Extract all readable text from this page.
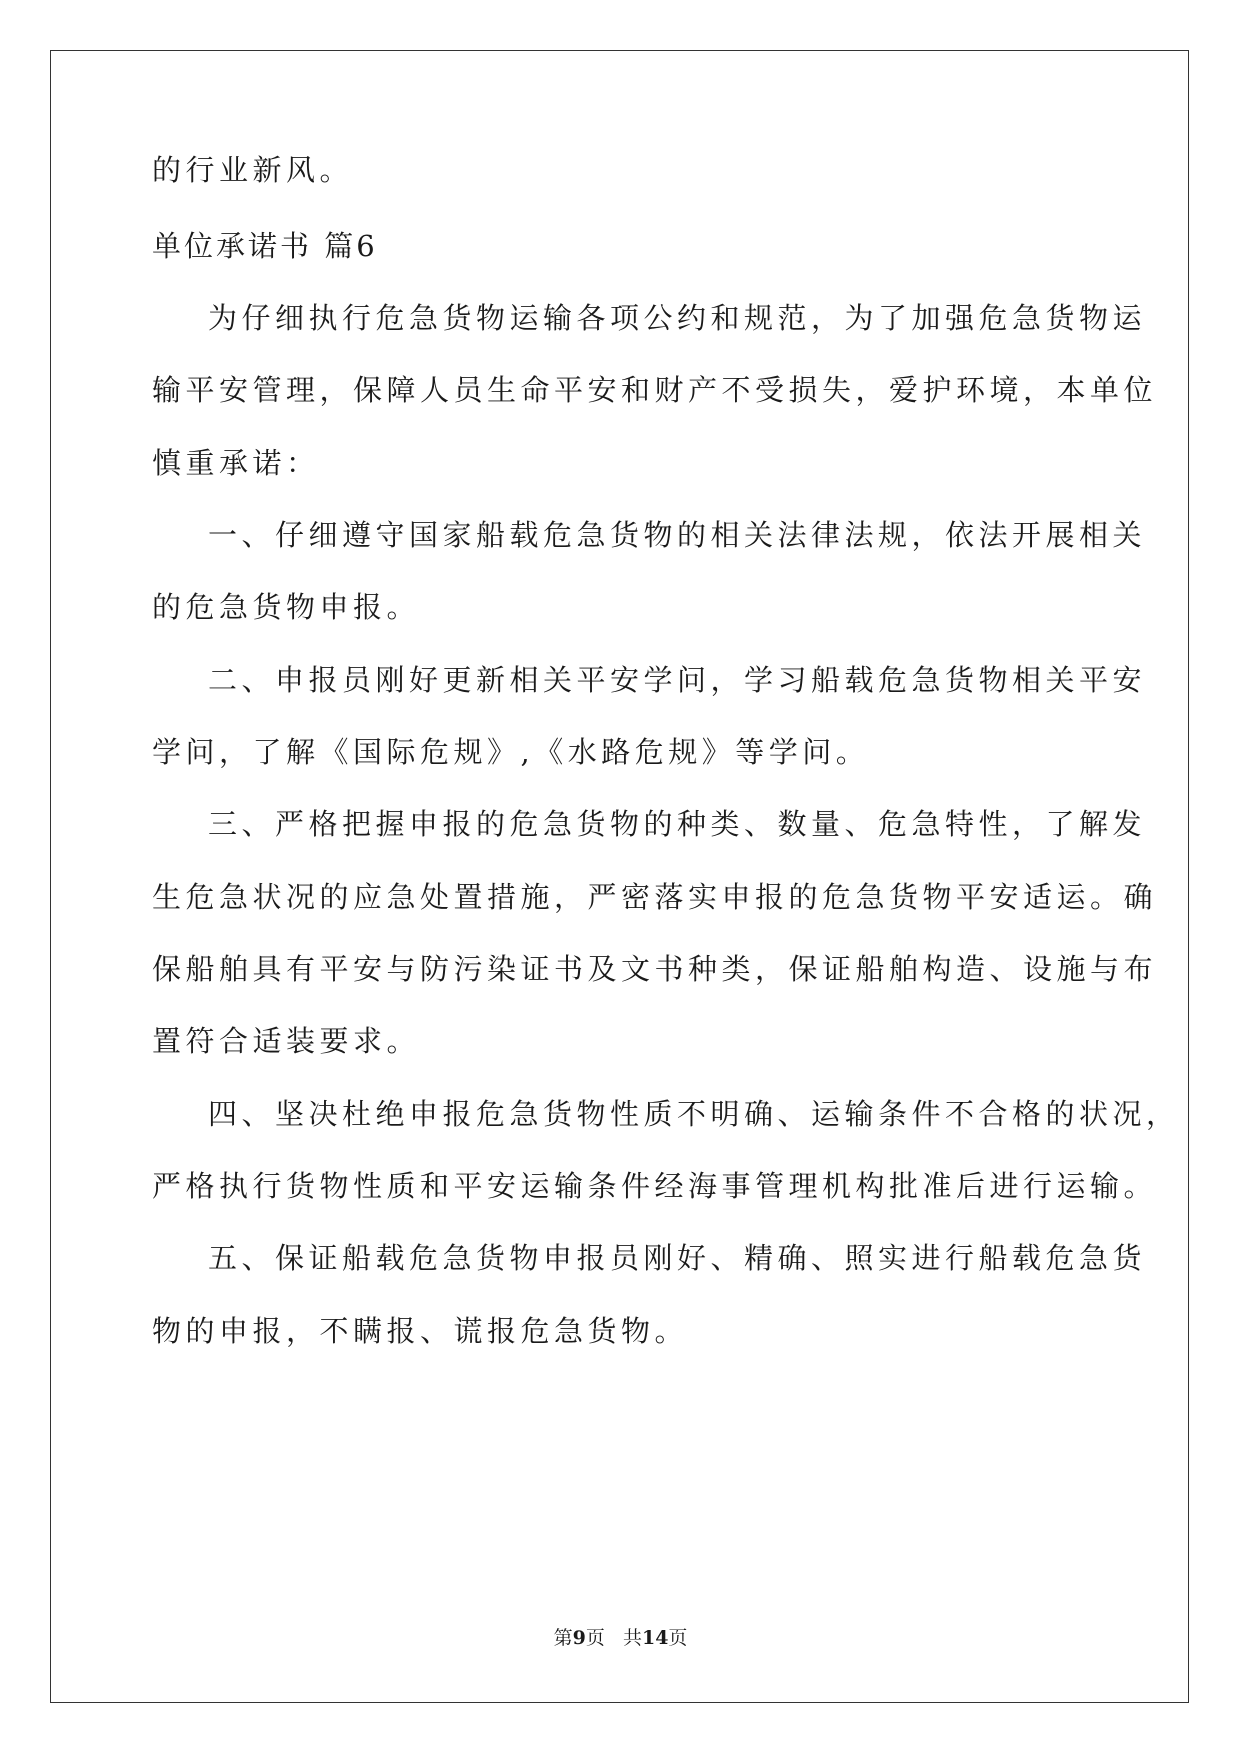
的行业新风。
单位承诺书 篇6
为仔细执行危急货物运输各项公约和规范，为了加强危急货物运
输平安管理，保障人员生命平安和财产不受损失，爱护环境，本单位
慎重承诺：
一、仔细遵守国家船载危急货物的相关法律法规，依法开展相关
的危急货物申报。
二、申报员刚好更新相关平安学问，学习船载危急货物相关平安
学问，了解《国际危规》,《水路危规》等学问。
三、严格把握申报的危急货物的种类、数量、危急特性，了解发
生危急状况的应急处置措施，严密落实申报的危急货物平安适运。确
保船舶具有平安与防污染证书及文书种类，保证船舶构造、设施与布
置符合适装要求。
四、坚决杜绝申报危急货物性质不明确、运输条件不合格的状况，
严格执行货物性质和平安运输条件经海事管理机构批准后进行运输。
五、保证船载危急货物申报员刚好、精确、照实进行船载危急货
物的申报，不瞒报、谎报危急货物。
第9页 共14页
